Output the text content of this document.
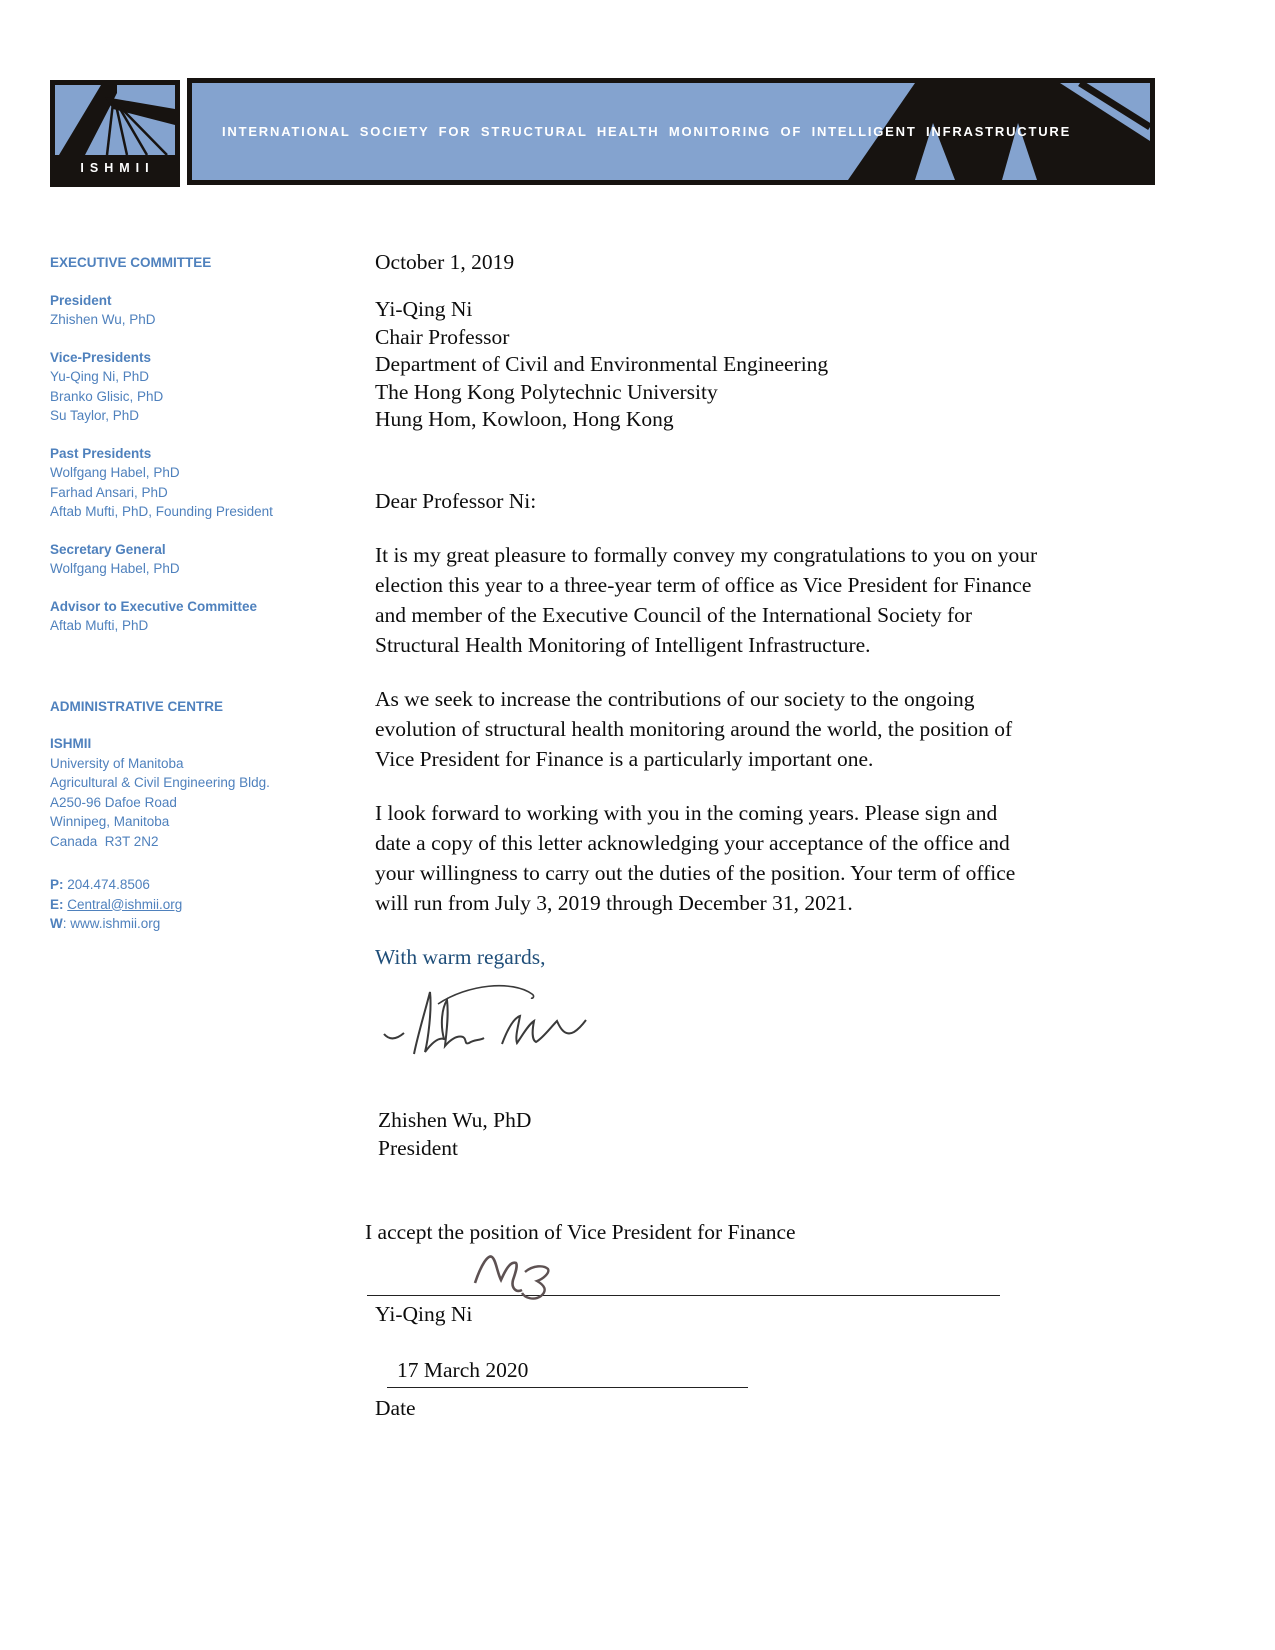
ISHMII
INTERNATIONAL SOCIETY FOR STRUCTURAL HEALTH MONITORING OF INTELLIGENT INFRASTRUCTURE
EXECUTIVE COMMITTEE
President
Zhishen Wu, PhD
Vice-Presidents
Yu-Qing Ni, PhD
Branko Glisic, PhD
Su Taylor, PhD
Past Presidents
Wolfgang Habel, PhD
Farhad Ansari, PhD
Aftab Mufti, PhD, Founding President
Secretary General
Wolfgang Habel, PhD
Advisor to Executive Committee
Aftab Mufti, PhD
ADMINISTRATIVE CENTRE
ISHMII
University of Manitoba
Agricultural & Civil Engineering Bldg.
A250-96 Dafoe Road
Winnipeg, Manitoba
Canada  R3T 2N2
P: 204.474.8506
E: Central@ishmii.org
W: www.ishmii.org
October 1, 2019
Yi-Qing Ni
Chair Professor
Department of Civil and Environmental Engineering
The Hong Kong Polytechnic University
Hung Hom, Kowloon, Hong Kong
Dear Professor Ni:
It is my great pleasure to formally convey my congratulations to you on your
election this year to a three-year term of office as Vice President for Finance
and member of the Executive Council of the International Society for
Structural Health Monitoring of Intelligent Infrastructure.
As we seek to increase the contributions of our society to the ongoing
evolution of structural health monitoring around the world, the position of
Vice President for Finance is a particularly important one.
I look forward to working with you in the coming years. Please sign and
date a copy of this letter acknowledging your acceptance of the office and
your willingness to carry out the duties of the position. Your term of office
will run from July 3, 2019 through December 31, 2021.
With warm regards,
Zhishen Wu, PhD
President
I accept the position of Vice President for Finance
Yi-Qing Ni
17 March 2020
Date
